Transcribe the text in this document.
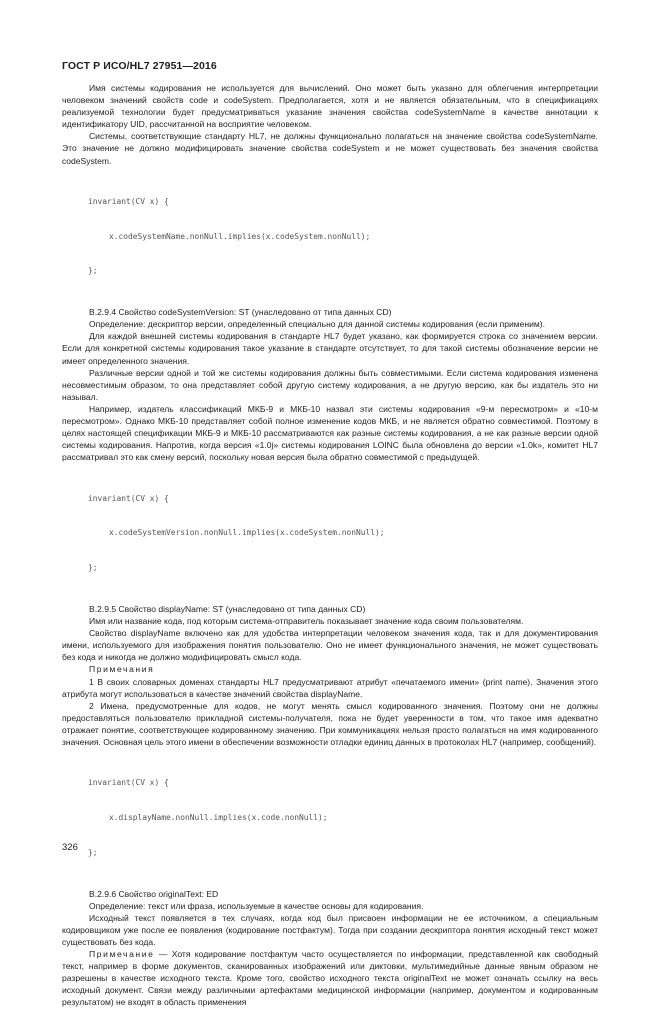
ГОСТ Р ИСО/HL7 27951—2016

Имя системы кодирования не используется для вычислений. Оно может быть указано для облегчения интерпретации человеком значений свойств code и codeSystem. Предполагается, хотя и не является обязательным, что в спецификациях реализуемой технологии будет предусматриваться указание значения свойства codeSystemName в качестве аннотации к идентификатору UID, рассчитанной на восприятие человеком.

Системы, соответствующие стандарту HL7, не должны функционально полагаться на значение свойства codeSystemName. Это значение не должно модифицировать значение свойства codeSystem и не может существовать без значения свойства codeSystem.

invariant(CV x) {

x.codeSystemName.nonNull.implies(x.codeSystem.nonNull);

};

B.2.9.4 Свойство codeSystemVersion: ST (унаследовано от типа данных CD)

Определение: дескриптор версии, определенный специально для данной системы кодирования (если применим).

Для каждой внешней системы кодирования в стандарте HL7 будет указано, как формируется строка со значением версии. Если для конкретной системы кодирования такое указание в стандарте отсутствует, то для такой системы обозначение версии не имеет определенного значения.

Различные версии одной и той же системы кодирования должны быть совместимыми. Если система кодирования изменена несовместимым образом, то она представляет собой другую систему кодирования, а не другую версию, как бы издатель это ни называл.

Например, издатель классификаций МКБ-9 и МКБ-10 назвал эти системы кодирования «9-м пересмотром» и «10-м пересмотром». Однако МКБ-10 представляет собой полное изменение кодов МКБ, и не является обратно совместимой. Поэтому в целях настоящей спецификации МКБ-9 и МКБ-10 рассматриваются как разные системы кодирования, а не как разные версии одной системы кодирования. Напротив, когда версия «1.0j» системы кодирования LOINC была обновлена до версии «1.0k», комитет HL7 рассматривал это как смену версий, поскольку новая версия была обратно совместимой с предыдущей.

invariant(CV x) {

x.codeSystemVersion.nonNull.implies(x.codeSystem.nonNull);

};

B.2.9.5 Свойство displayName: ST (унаследовано от типа данных CD)

Имя или название кода, под которым система-отправитель показывает значение кода своим пользователям.

Свойство displayName включено как для удобства интерпретации человеком значения кода, так и для документирования имени, используемого для изображения понятия пользователю. Оно не имеет функционального значения, не может существовать без кода и никогда не должно модифицировать смысл кода.

Примечания

1 В своих словарных доменах стандарты HL7 предусматривают атрибут «печатаемого имени» (print name). Значения этого атрибута могут использоваться в качестве значений свойства displayName.

2 Имена, предусмотренные для кодов, не могут менять смысл кодированного значения. Поэтому они не должны предоставляться пользователю прикладной системы-получателя, пока не будет уверенности в том, что такое имя адекватно отражает понятие, соответствующее кодированному значению. При коммуникациях нельзя просто полагаться на имя кодированного значения. Основная цель этого имени в обеспечении возможности отладки единиц данных в протоколах HL7 (например, сообщений).

invariant(CV x) {

x.displayName.nonNull.implies(x.code.nonNull);

};

B.2.9.6 Свойство originalText: ED

Определение: текст или фраза, используемые в качестве основы для кодирования.

Исходный текст появляется в тех случаях, когда код был присвоен информации не ее источником, а специальным кодировщиком уже после ее появления (кодирование постфактум). Тогда при создании дескриптора понятия исходный текст может существовать без кода.

Примечание — Хотя кодирование постфактум часто осуществляется по информации, представленной как свободный текст, например в форме документов, сканированных изображений или диктовки, мультимедийные данные явным образом не разрешены в качестве исходного текста. Кроме того, свойство исходного текста originalText не может означать ссылку на весь исходный документ. Связи между различными артефактами медицинской информации (например, документом и кодированным результатом) не входят в область применения

326
